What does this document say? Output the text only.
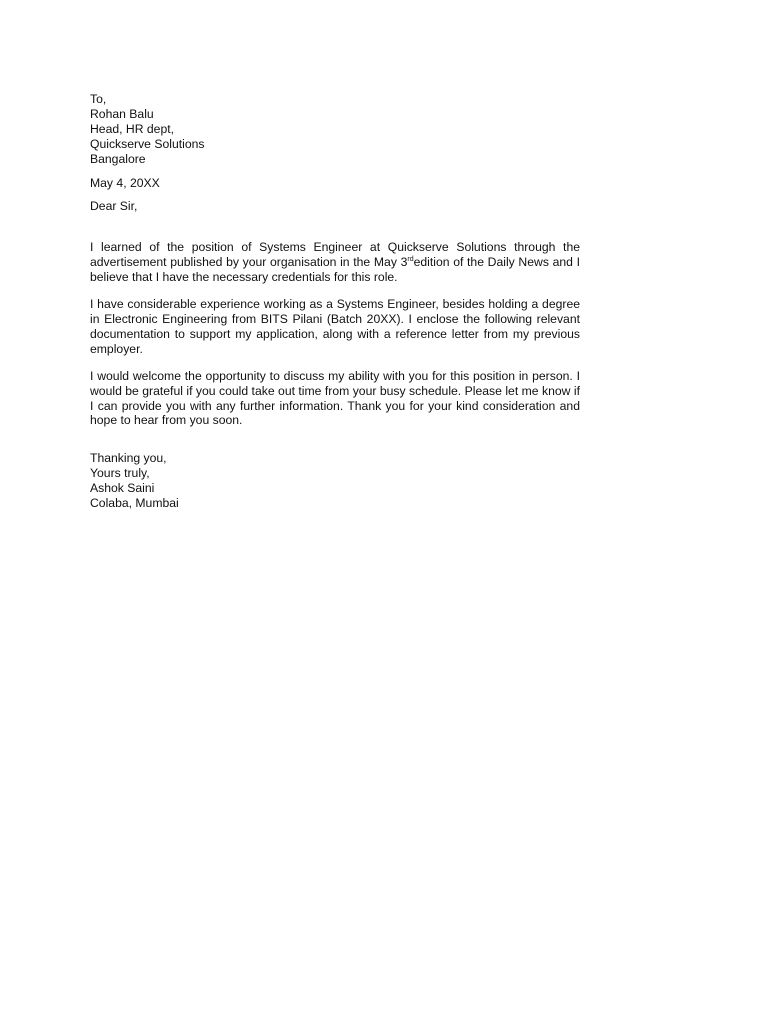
To,
Rohan Balu
Head, HR dept,
Quickserve Solutions
Bangalore
May 4, 20XX
Dear Sir,

I learned of the position of Systems Engineer at Quickserve Solutions through the advertisement published by your organisation in the May 3rdedition of the Daily News and I believe that I have the necessary credentials for this role.

I have considerable experience working as a Systems Engineer, besides holding a degree in Electronic Engineering from BITS Pilani (Batch 20XX). I enclose the following relevant documentation to support my application, along with a reference letter from my previous employer.

I would welcome the opportunity to discuss my ability with you for this position in person. I would be grateful if you could take out time from your busy schedule. Please let me know if I can provide you with any further information. Thank you for your kind consideration and hope to hear from you soon.

Thanking you,
Yours truly,
Ashok Saini
Colaba, Mumbai
